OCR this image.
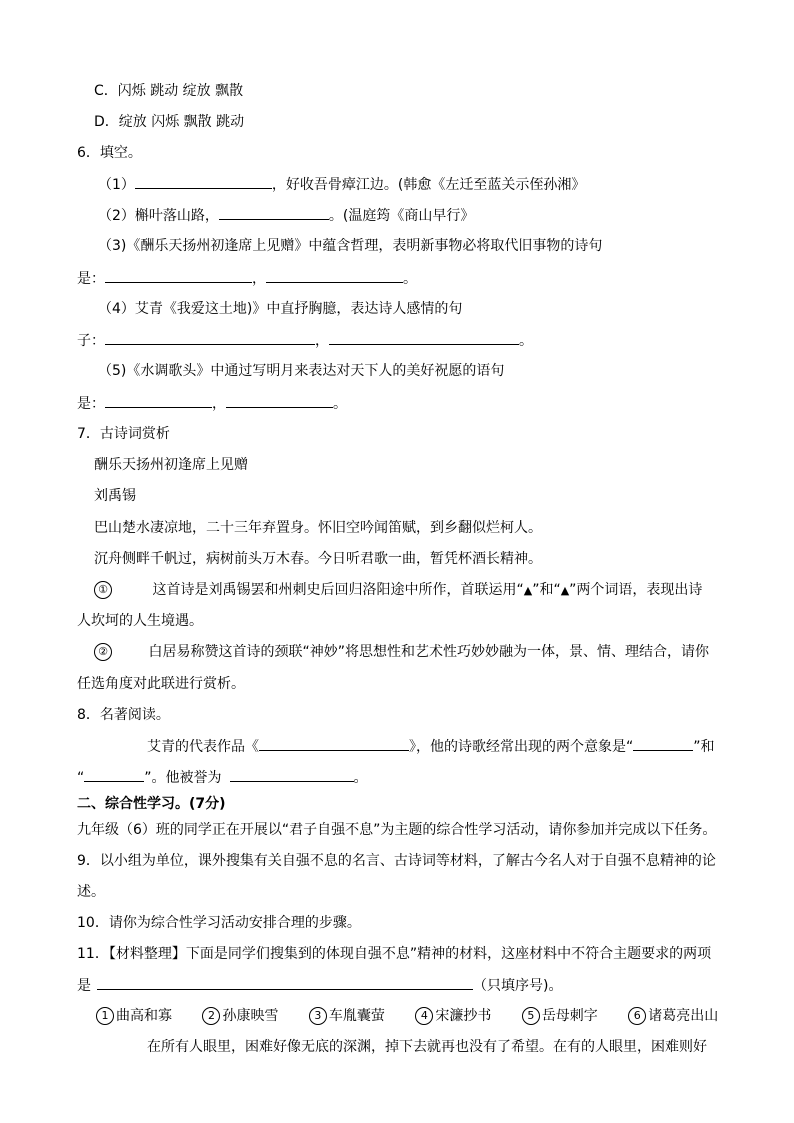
C．闪烁 跳动 绽放 飘散
D．绽放 闪烁 飘散 跳动
6．填空。
（1）	，好收吾骨瘴江边。(韩愈《左迁至蓝关示侄孙湘》
（2）槲叶落山路，	。(温庭筠《商山早行》
（3)《酬乐天扬州初逢席上见赠》中蕴含哲理，表明新事物必将取代旧事物的诗句
是：	，	。
（4）艾青《我爱这土地)》中直抒胸臆，表达诗人感情的句
子：	，	。
（5)《水调歌头》中通过写明月来表达对天下人的美好祝愿的语句
是：	，	。
7．古诗词赏析
酬乐天扬州初逢席上见赠
刘禹锡
巴山楚水凄凉地，二十三年弃置身。怀旧空吟闻笛赋，到乡翻似烂柯人。
沉舟侧畔千帆过，病树前头万木春。今日听君歌一曲，暂凭杯酒长精神。
①	这首诗是刘禹锡罢和州刺史后回归洛阳途中所作，首联运用“▲”和“▲”两个词语，表现出诗
人坎坷的人生境遇。
②	白居易称赞这首诗的颈联“神妙”将思想性和艺术性巧妙妙融为一体，景、情、理结合，请你
任选角度对此联进行赏析。
8．名著阅读。
艾青的代表作品《	》，他的诗歌经常出现的两个意象是“	”和
“	”。他被誉为	。
二、综合性学习。(7分)
九年级（6）班的同学正在开展以“君子自强不息”为主题的综合性学习活动，请你参加并完成以下任务。
9．以小组为单位，课外搜集有关自强不息的名言、古诗词等材料，了解古今名人对于自强不息精神的论
述。
10．请你为综合性学习活动安排合理的步骤。
11．【材料整理】下面是同学们搜集到的体现自强不息”精神的材料，这座材料中不符合主题要求的两项
是	（只填序号)。
1 曲高和寡	2 孙康映雪	3 车胤囊萤	4 宋濂抄书	5 岳母刺字	6 诸葛亮出山
在所有人眼里，困难好像无底的深渊，掉下去就再也没有了希望。在有的人眼里，困难则好
